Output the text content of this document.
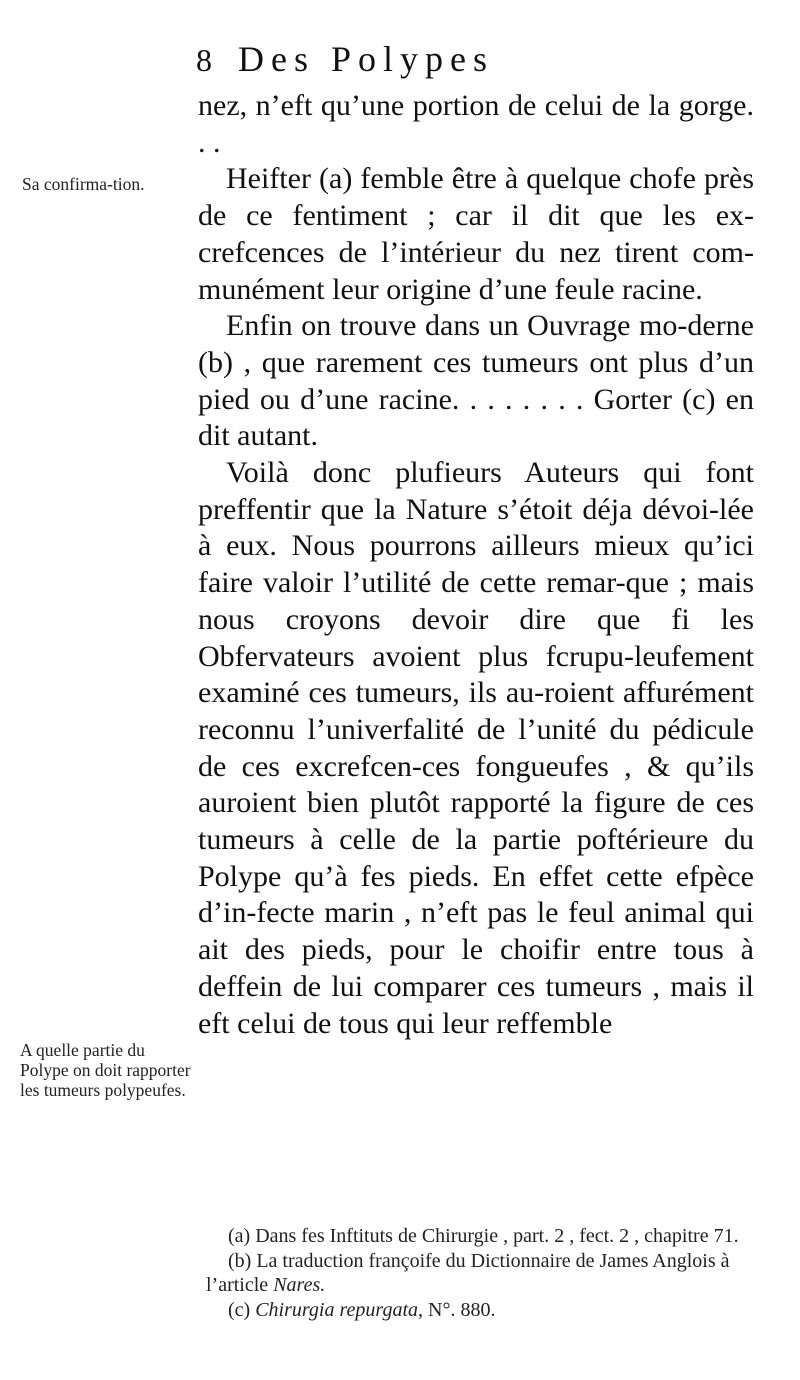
8 Des Polypes
Sa confirma-tion.
A quelle partie du Polype on doit rapporter les tumeurs polypeufes.

nez, n’eft qu’une portion de celui de la gorge. . .

Heifter (a) femble être à quelque chofe près de ce fentiment ; car il dit que les ex-crefcences de l’intérieur du nez tirent com-munément leur origine d’une feule racine.

Enfin on trouve dans un Ouvrage mo-derne (b) , que rarement ces tumeurs ont plus d’un pied ou d’une racine. . . . . . . . Gorter (c) en dit autant.

Voilà donc plufieurs Auteurs qui font preffentir que la Nature s’étoit déja dévoi-lée à eux. Nous pourrons ailleurs mieux qu’ici faire valoir l’utilité de cette remar-que ; mais nous croyons devoir dire que fi les Obfervateurs avoient plus fcrupu-leufement examiné ces tumeurs, ils au-roient affurément reconnu l’univerfalité de l’unité du pédicule de ces excrefcen-ces fongueufes , & qu’ils auroient bien plutôt rapporté la figure de ces tumeurs à celle de la partie poftérieure du Polype qu’à fes pieds. En effet cette efpèce d’in-fecte marin , n’eft pas le feul animal qui ait des pieds, pour le choifir entre tous à deffein de lui comparer ces tumeurs , mais il eft celui de tous qui leur reffemble

(a) Dans fes Inftituts de Chirurgie , part. 2 , fect. 2 , chapitre 71.

(b) La traduction françoife du Dictionnaire de James Anglois à l’article Nares.

(c) Chirurgia repurgata, N°. 880.
